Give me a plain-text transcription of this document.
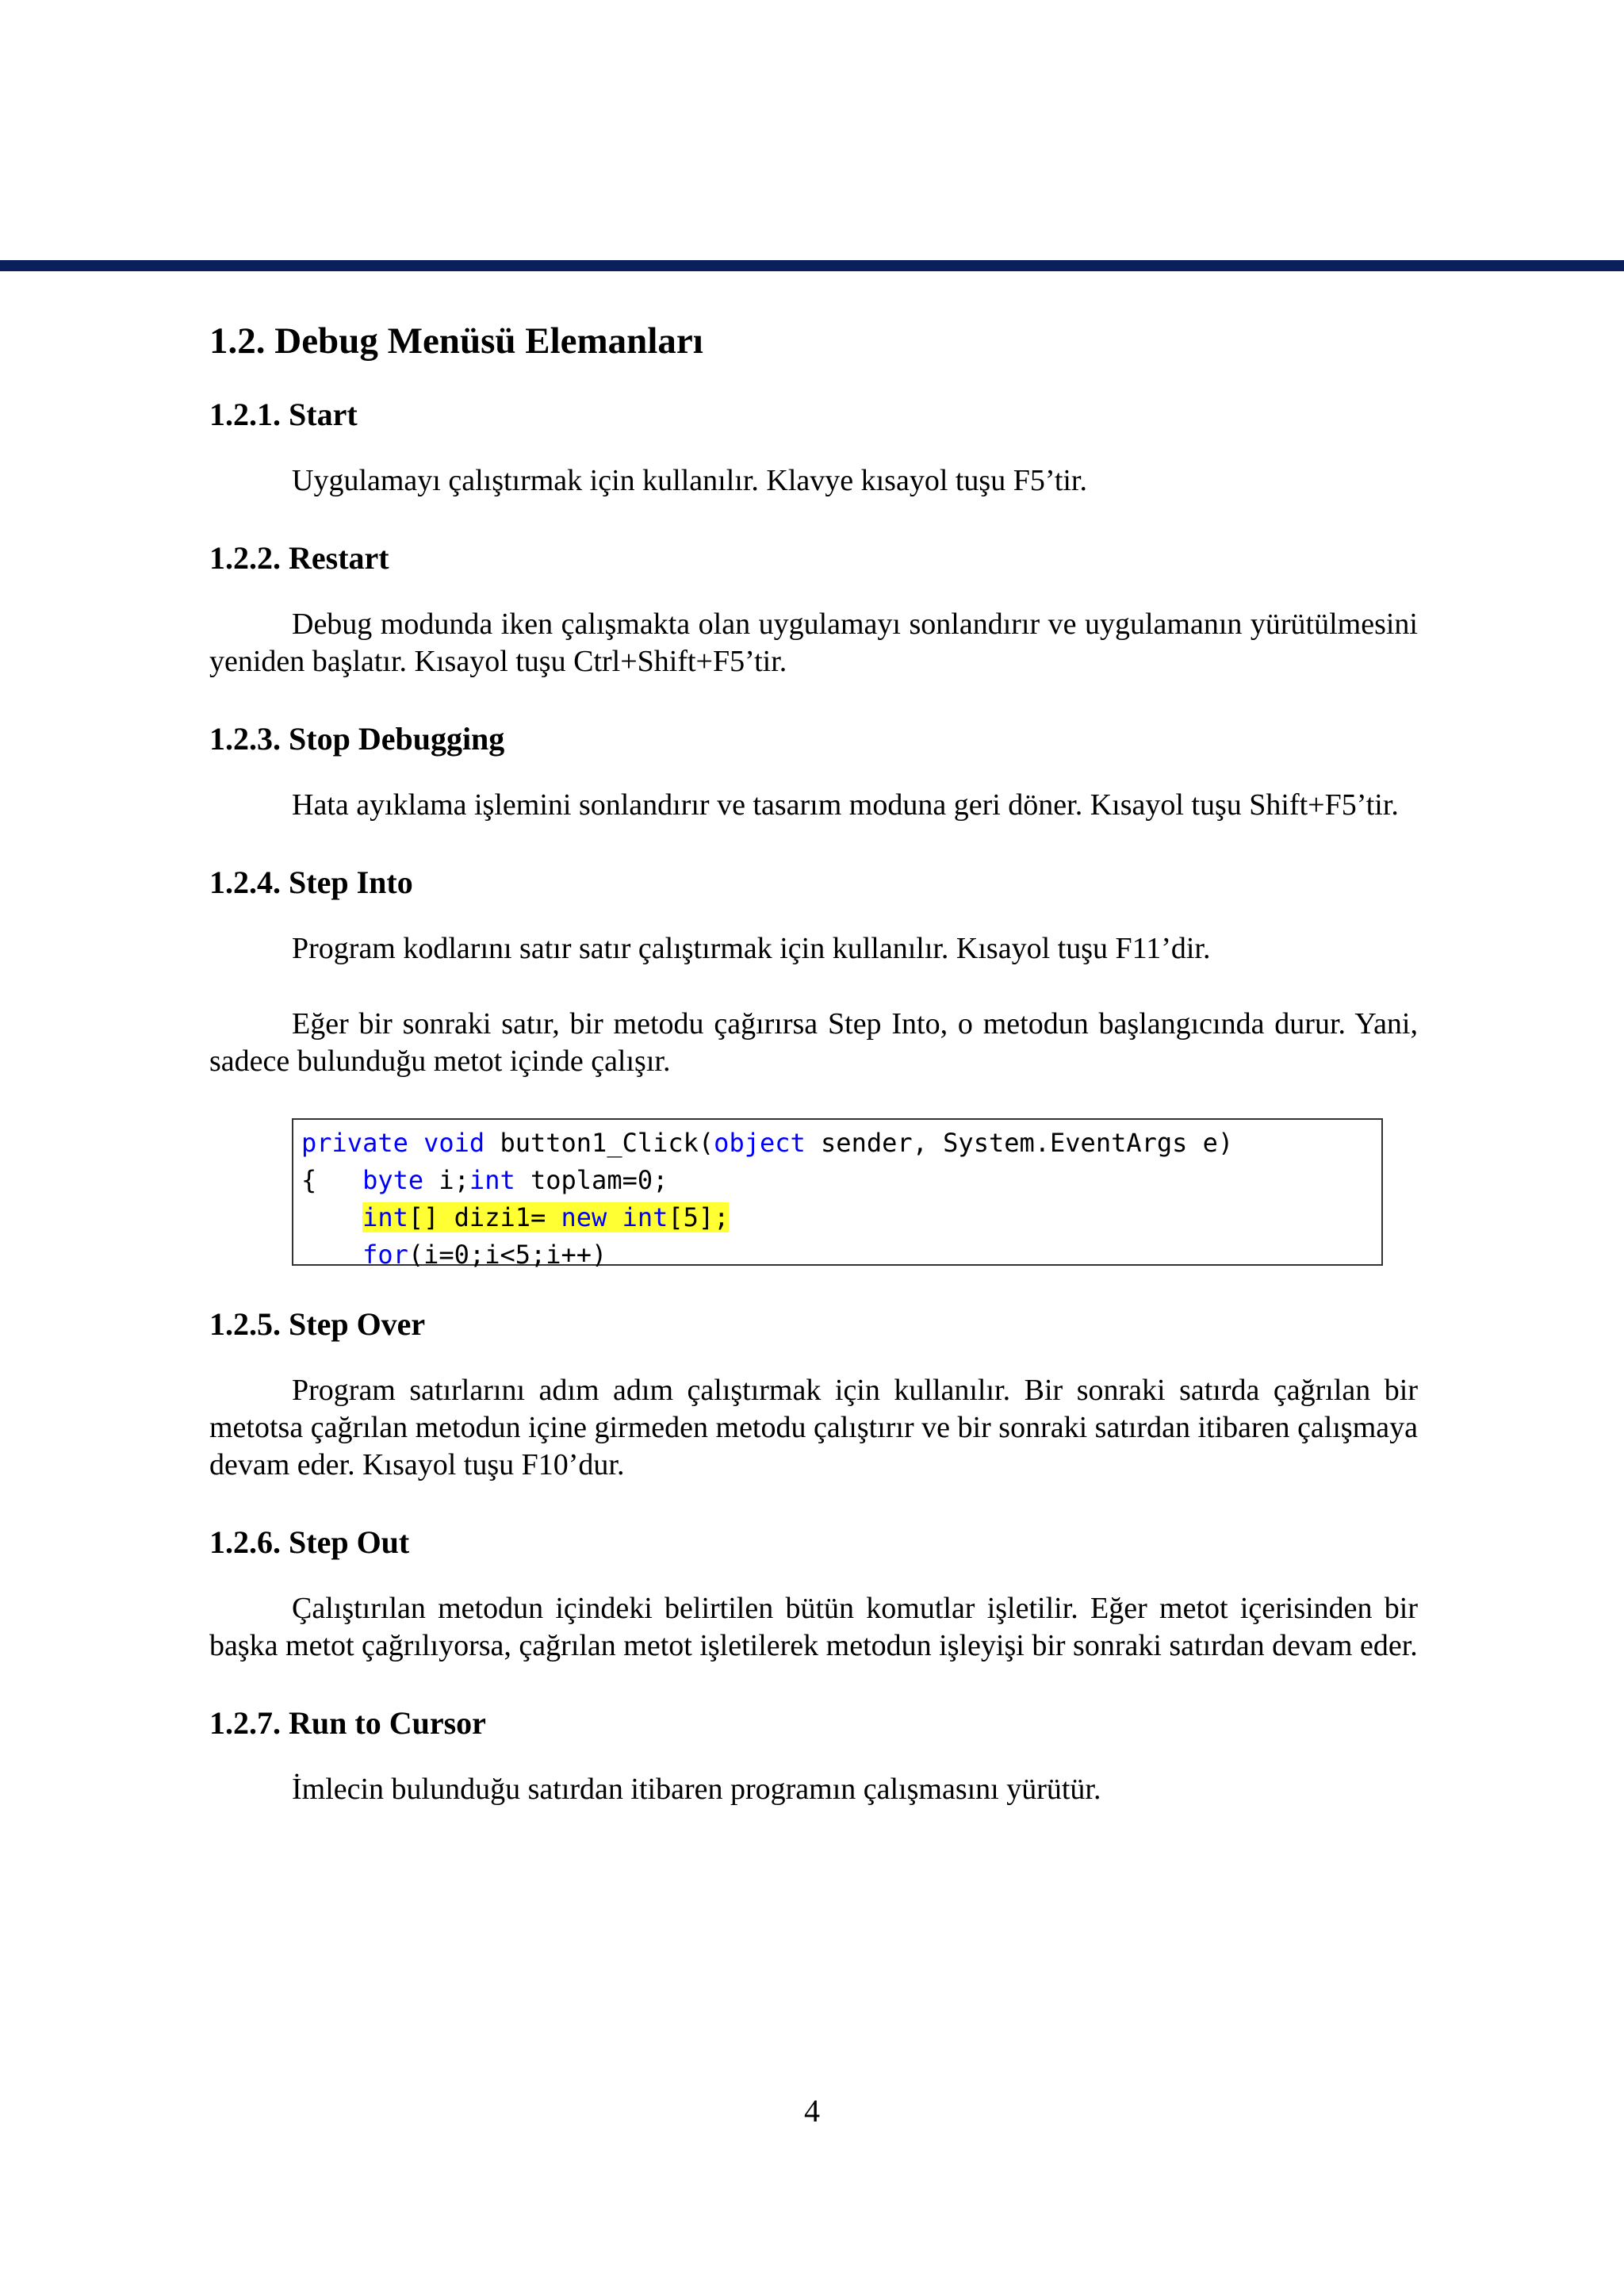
1.2. Debug Menüsü Elemanları
1.2.1. Start

Uygulamayı çalıştırmak için kullanılır. Klavye kısayol tuşu F5’tir.

1.2.2. Restart

Debug modunda iken çalışmakta olan uygulamayı sonlandırır ve uygulamanın yürütülmesini yeniden başlatır. Kısayol tuşu Ctrl+Shift+F5’tir.

1.2.3. Stop Debugging

Hata ayıklama işlemini sonlandırır ve tasarım moduna geri döner. Kısayol tuşu Shift+F5’tir.

1.2.4. Step Into

Program kodlarını satır satır çalıştırmak için kullanılır. Kısayol tuşu F11’dir.

Eğer bir sonraki satır, bir metodu çağırırsa Step Into, o metodun başlangıcında durur. Yani, sadece bulunduğu metot içinde çalışır.

private void button1_Click(object sender, System.EventArgs e)
{ byte i;int toplam=0;
int[] dizi1= new int[5];
for(i=0;i<5;i++)
1.2.5. Step Over

Program satırlarını adım adım çalıştırmak için kullanılır. Bir sonraki satırda çağrılan bir metotsa çağrılan metodun içine girmeden metodu çalıştırır ve bir sonraki satırdan itibaren çalışmaya devam eder. Kısayol tuşu F10’dur.

1.2.6. Step Out

Çalıştırılan metodun içindeki belirtilen bütün komutlar işletilir. Eğer metot içerisinden bir başka metot çağrılıyorsa, çağrılan metot işletilerek metodun işleyişi bir sonraki satırdan devam eder.

1.2.7. Run to Cursor

İmlecin bulunduğu satırdan itibaren programın çalışmasını yürütür.

4
